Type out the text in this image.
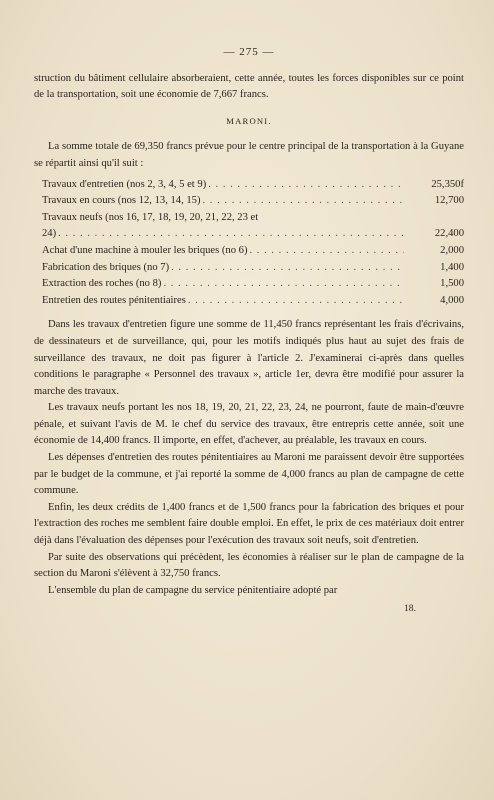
— 275 —

struction du bâtiment cellulaire absorberaient, cette année, toutes les forces disponibles sur ce point de la transportation, soit une économie de 7,667 francs.

MARONI.

La somme totale de 69,350 francs prévue pour le centre principal de la transportation à la Guyane se répartit ainsi qu'il suit :

Travaux d'entretien (nos 2, 3, 4, 5 et 9) . . .	25,350f
Travaux en cours (nos 12, 13, 14, 15) . . .	12,700
Travaux neufs (nos 16, 17, 18, 19, 20, 21, 22, 23 et
24) . . .	22,400
Achat d'une machine à mouler les briques (no 6) . . .	2,000
Fabrication des briques (no 7) . . .	1,400
Extraction des roches (no 8) . . .	1,500
Entretien des routes pénitentiaires . . .	4,000

Dans les travaux d'entretien figure une somme de 11,450 francs représentant les frais d'écrivains, de dessinateurs et de surveillance, qui, pour les motifs indiqués plus haut au sujet des frais de surveillance des travaux, ne doit pas figurer à l'article 2. J'examinerai ci-après dans quelles conditions le paragraphe « Personnel des travaux », article 1er, devra être modifié pour assurer la marche des travaux.

Les travaux neufs portant les nos 18, 19, 20, 21, 22, 23, 24, ne pourront, faute de main-d'œuvre pénale, et suivant l'avis de M. le chef du service des travaux, être entrepris cette année, soit une économie de 14,400 francs. Il importe, en effet, d'achever, au préalable, les travaux en cours.

Les dépenses d'entretien des routes pénitentiaires au Maroni me paraissent devoir être supportées par le budget de la commune, et j'ai reporté la somme de 4,000 francs au plan de campagne de cette commune.

Enfin, les deux crédits de 1,400 francs et de 1,500 francs pour la fabrication des briques et pour l'extraction des roches me semblent faire double emploi. En effet, le prix de ces matériaux doit entrer déjà dans l'évaluation des dépenses pour l'exécution des travaux soit neufs, soit d'entretien.

Par suite des observations qui précèdent, les économies à réaliser sur le plan de campagne de la section du Maroni s'élèvent à 32,750 francs.

L'ensemble du plan de campagne du service pénitentiaire adopté par

18.
